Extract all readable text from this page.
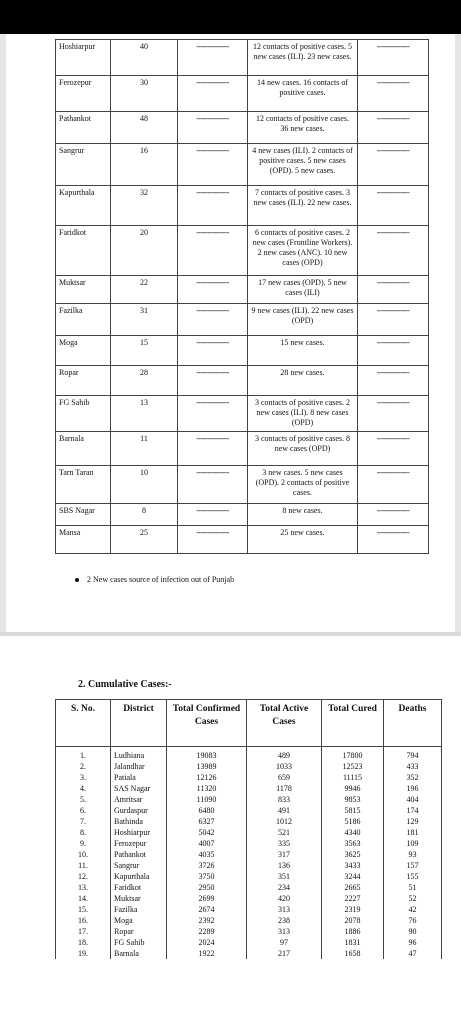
Hoshiarpur	40	---------------	12 contacts of positive cases. 5 new cases (ILI). 23 new cases.	---------------
Ferozepur	30	---------------	14 new cases. 16 contacts of positive cases.	---------------
Pathankot	48	---------------	12 contacts of positive cases. 36 new cases.	---------------
Sangrur	16	---------------	4 new cases (ILI). 2 contacts of positive cases. 5 new cases (OPD). 5 new cases.	---------------
Kapurthala	32	---------------	7 contacts of positive cases. 3 new cases (ILI). 22 new cases.	---------------
Faridkot	20	---------------	6 contacts of positive cases. 2 new cases (Frontline Workers). 2 new cases (ANC). 10 new cases (OPD)	---------------
Muktsar	22	---------------	17 new cases (OPD). 5 new cases (ILI)	---------------
Fazilka	31	---------------	9 new cases (ILI). 22 new cases (OPD)	---------------
Moga	15	---------------	15 new cases.	---------------
Ropar	28	---------------	28 new cases.	---------------
FG Sahib	13	---------------	3 contacts of positive cases. 2 new cases (ILI). 8 new cases (OPD)	---------------
Barnala	11	---------------	3 contacts of positive cases. 8 new cases (OPD)	---------------
Tarn Taran	10	---------------	3 new cases. 5 new cases (OPD). 2 contacts of positive cases.	---------------
SBS Nagar	8	---------------	8 new cases.	---------------
Mansa	25	---------------	25 new cases.	---------------
2 New cases source of infection out of Punjab
2. Cumulative Cases:-
S. No.	District	Total Confirmed Cases	Total Active Cases	Total Cured	Deaths

1.	Ludhiana	19083	489	17800	794
2.	Jalandhar	13989	1033	12523	433
3.	Patiala	12126	659	11115	352
4.	SAS Nagar	11320	1178	9946	196
5.	Amritsar	11090	833	9853	404
6.	Gurdaspur	6480	491	5815	174
7.	Bathinda	6327	1012	5186	129
8.	Hoshiarpur	5042	521	4340	181
9.	Ferozepur	4007	335	3563	109
10.	Pathankot	4035	317	3625	93
11.	Sangrur	3726	136	3433	157
12.	Kapurthala	3750	351	3244	155
13.	Faridkot	2950	234	2665	51
14.	Muktsar	2699	420	2227	52
15.	Fazilka	2674	313	2319	42
16.	Moga	2392	238	2078	76
17.	Ropar	2289	313	1886	90
18.	FG Sahib	2024	97	1831	96
19.	Barnala	1922	217	1658	47
